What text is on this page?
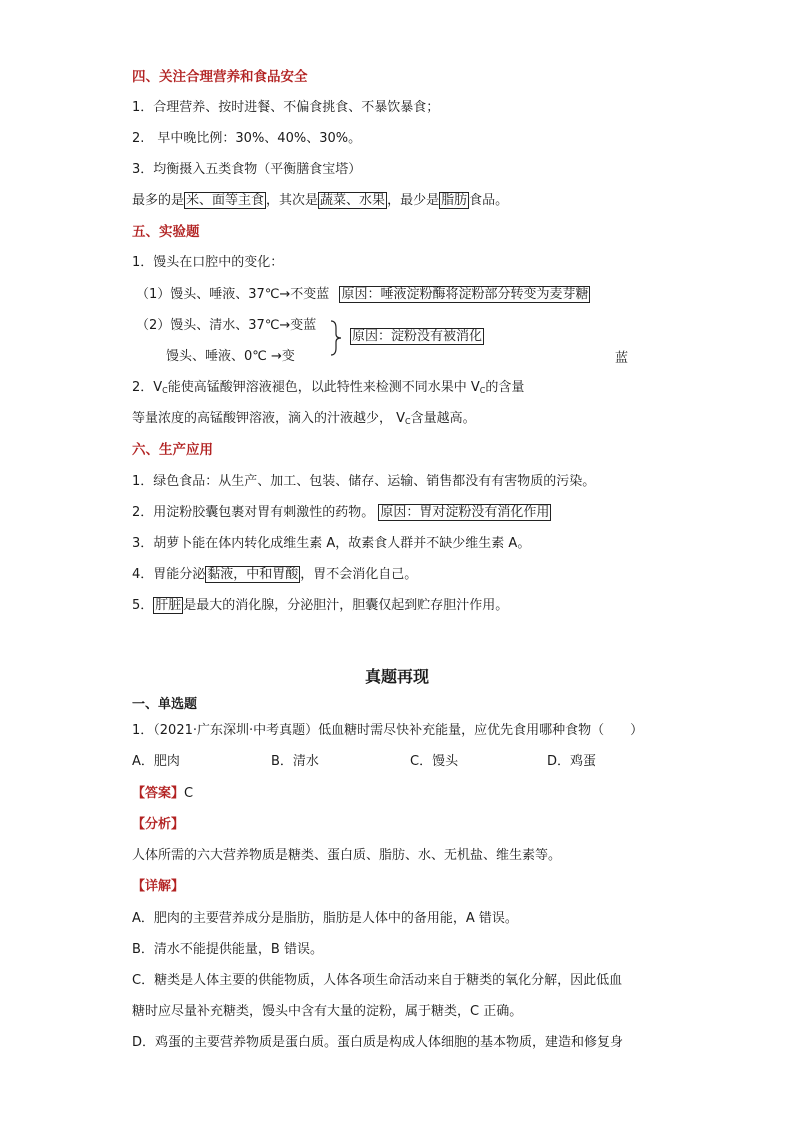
四、关注合理营养和食品安全
1．合理营养、按时进餐、不偏食挑食、不暴饮暴食；
2.　早中晚比例：30%、40%、30%。
3．均衡摄入五类食物（平衡膳食宝塔）
最多的是 米、面等主食 ，其次是 蔬菜、水果 ，最少是 脂肪 食品。
五、实验题
1．馒头在口腔中的变化：
（1）馒头、唾液、37℃→不变蓝 原因：唾液淀粉酶将淀粉部分转变为麦芽糖
（2）馒头、清水、37℃→变蓝
原因：淀粉没有被消化
馒头、唾液、0℃ →变	蓝
2．$V_C$能使高锰酸钾溶液褪色，以此特性来检测不同水果中 $V_C$的含量
等量浓度的高锰酸钾溶液，滴入的汁液越少， $V_C$含量越高。
六、生产应用
1．绿色食品：从生产、加工、包装、储存、运输、销售都没有有害物质的污染。
2．用淀粉胶囊包裹对胃有刺激性的药物。 原因：胃对淀粉没有消化作用
3．胡萝卜能在体内转化成维生素 A，故素食人群并不缺少维生素 A。
4．胃能分泌 黏液，中和胃酸 ，胃不会消化自己。
5． 肝脏 是最大的消化腺，分泌胆汁，胆囊仅起到贮存胆汁作用。
真题再现
一、单选题
1．（2021·广东深圳·中考真题）低血糖时需尽快补充能量，应优先食用哪种食物（　　）
A．肥肉	B．清水	C．馒头	D．鸡蛋
【答案】C
【分析】
人体所需的六大营养物质是糖类、蛋白质、脂肪、水、无机盐、维生素等。
【详解】
A．肥肉的主要营养成分是脂肪，脂肪是人体中的备用能，A 错误。
B．清水不能提供能量，B 错误。
C．糖类是人体主要的供能物质，人体各项生命活动来自于糖类的氧化分解，因此低血
糖时应尽量补充糖类，馒头中含有大量的淀粉，属于糖类，C 正确。
D．鸡蛋的主要营养物质是蛋白质。蛋白质是构成人体细胞的基本物质，建造和修复身
